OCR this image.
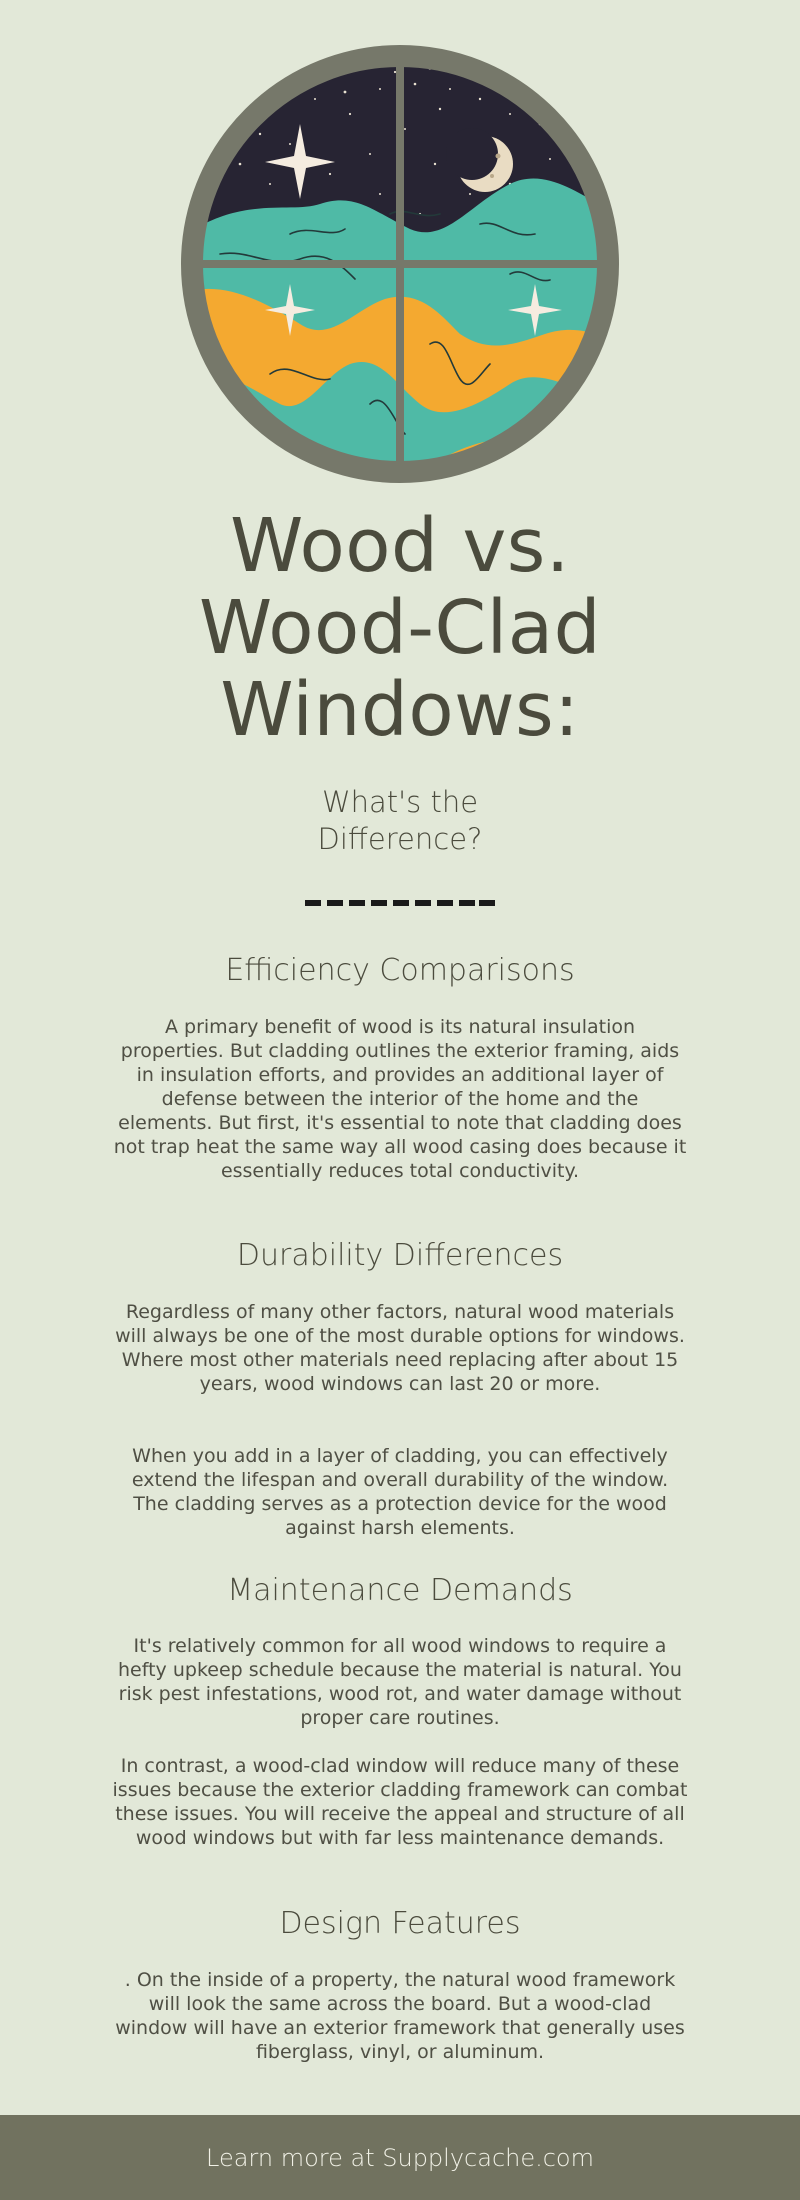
Wood vs.
Wood-Clad
Windows:
What's the
Difference?
Efficiency Comparisons

A primary benefit of wood is its natural insulation properties. But cladding outlines the exterior framing, aids in insulation efforts, and provides an additional layer of defense between the interior of the home and the elements. But first, it's essential to note that cladding does not trap heat the same way all wood casing does because it essentially reduces total conductivity.

Durability Differences

Regardless of many other factors, natural wood materials will always be one of the most durable options for windows. Where most other materials need replacing after about 15 years, wood windows can last 20 or more.

When you add in a layer of cladding, you can effectively extend the lifespan and overall durability of the window. The cladding serves as a protection device for the wood against harsh elements.

Maintenance Demands

It's relatively common for all wood windows to require a hefty upkeep schedule because the material is natural. You risk pest infestations, wood rot, and water damage without proper care routines.

In contrast, a wood-clad window will reduce many of these issues because the exterior cladding framework can combat these issues. You will receive the appeal and structure of all wood windows but with far less maintenance demands.

Design Features

. On the inside of a property, the natural wood framework will look the same across the board. But a wood-clad window will have an exterior framework that generally uses fiberglass, vinyl, or aluminum.

Learn more at Supplycache.com
